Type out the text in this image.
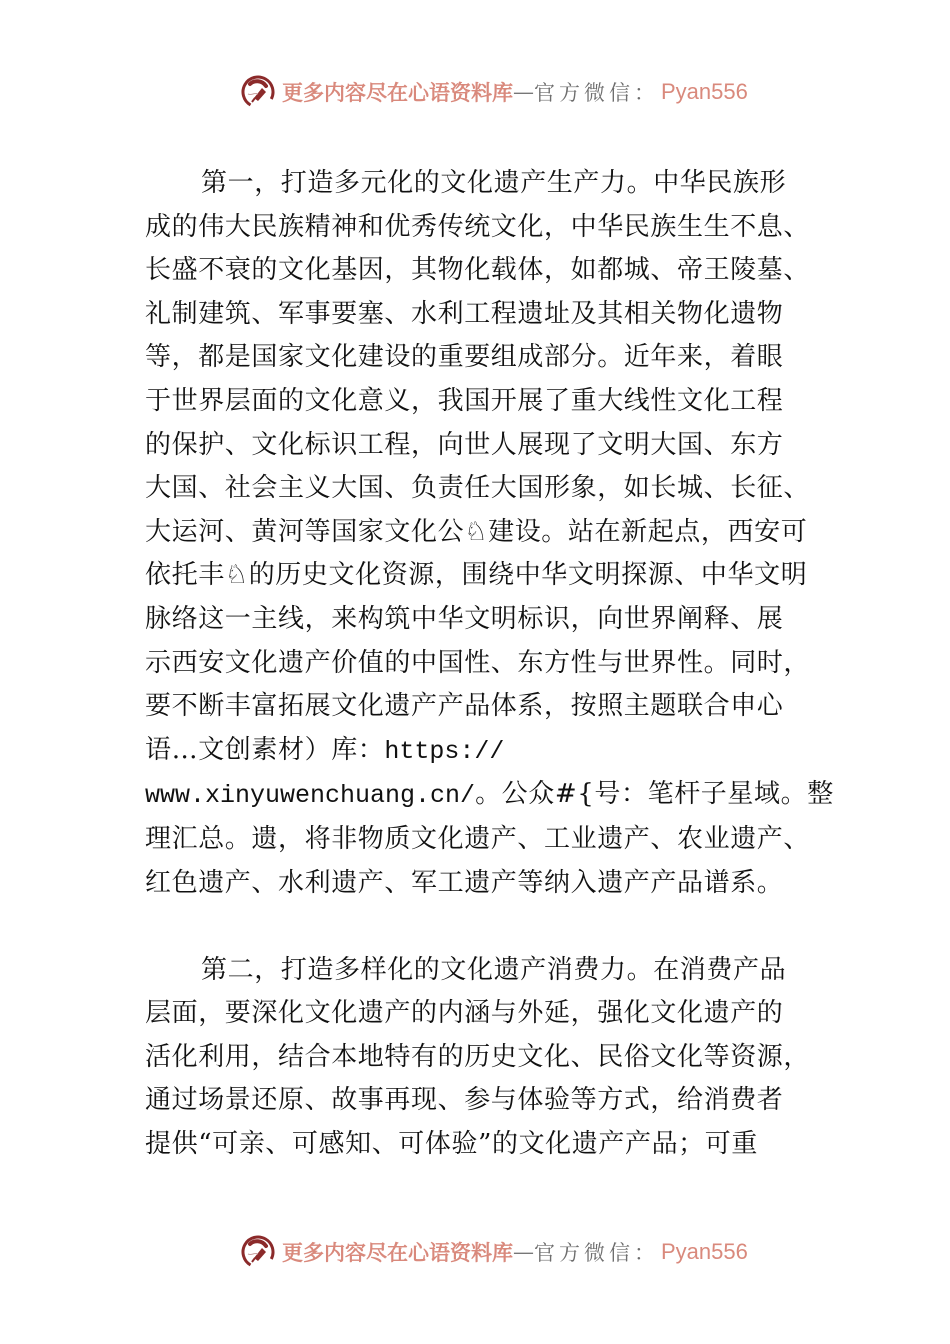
更多内容尽在心语资料库 — 官方微信： Pyan556

第一，打造多元化的文化遗产生产力。中华民族形
成的伟大民族精神和优秀传统文化，中华民族生生不息、
长盛不衰的文化基因，其物化载体，如都城、帝王陵墓、
礼制建筑、军事要塞、水利工程遗址及其相关物化遗物
等，都是国家文化建设的重要组成部分。近年来，着眼
于世界层面的文化意义，我国开展了重大线性文化工程
的保护、文化标识工程，向世人展现了文明大国、东方
大国、社会主义大国、负责任大国形象，如长城、长征、
大运河、黄河等国家文化公♘建设。站在新起点，西安可
依托丰♘的历史文化资源，围绕中华文明探源、中华文明
脉络这一主线，来构筑中华文明标识，向世界阐释、展
示西安文化遗产价值的中国性、东方性与世界性。同时，
要不断丰富拓展文化遗产产品体系，按照主题联合申心
语…文创素材）库：https://
www.xinyuwenchuang.cn/。公众#{号：笔杆子星域。整
理汇总。遗，将非物质文化遗产、工业遗产、农业遗产、
红色遗产、水利遗产、军工遗产等纳入遗产产品谱系。

第二，打造多样化的文化遗产消费力。在消费产品
层面，要深化文化遗产的内涵与外延，强化文化遗产的
活化利用，结合本地特有的历史文化、民俗文化等资源，
通过场景还原、故事再现、参与体验等方式，给消费者
提供“可亲、可感知、可体验”的文化遗产产品；可重

更多内容尽在心语资料库 — 官方微信： Pyan556
